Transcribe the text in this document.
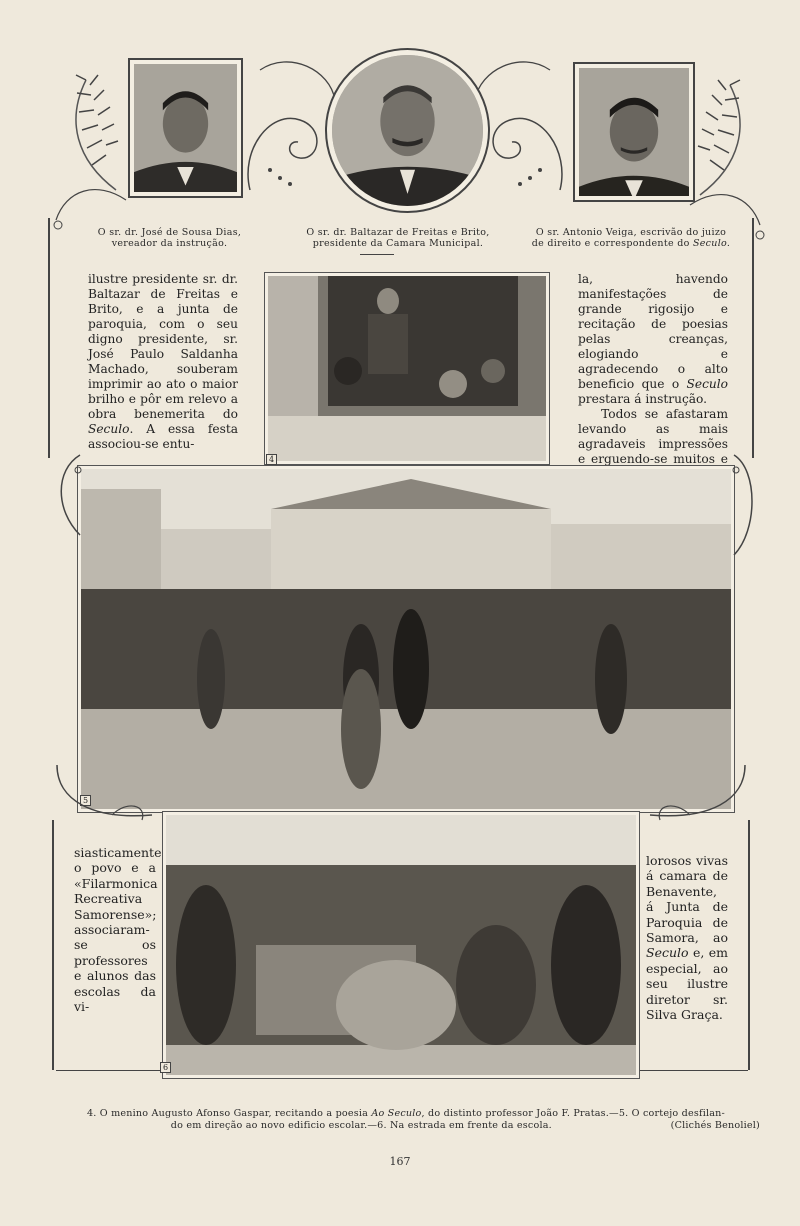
O sr. dr. José de Sousa Dias,
vereador da instrução.
O sr. dr. Baltazar de Freitas e Brito,
presidente da Camara Municipal.
O sr. Antonio Veiga, escrivão do juizo
de direito e correspondente do Seculo.
ilustre presidente sr. dr. Baltazar de Freitas e Brito, e a junta de paroquia, com o seu digno presidente, sr. José Paulo Saldanha Machado, souberam imprimir ao ato o maior brilho e pôr em relevo a obra benemerita do Seculo. A essa festa associou-se entu-
la, havendo manifestações de grande rigosijo e recitação de poesias pelas creanças, elogiando e agradecendo o alto beneficio que o Seculo prestara á instrução.
Todos se afastaram levando as mais agradaveis impressões e erguendo-se muitos e
4
5
6
siasticamente o povo e a «Filarmonica Recreativa Samorense»; associaram-se os professores e alunos das escolas da vi-
lorosos vivas á camara de Benavente, á Junta de Paroquia de Samora, ao Seculo e, em especial, ao seu ilustre diretor sr. Silva Graça.
4. O menino Augusto Afonso Gaspar, recitando a poesia Ao Seculo, do distinto professor João F. Pratas.—5. O cortejo desfilan-
do em direção ao novo edificio escolar.—6. Na estrada em frente da escola.	(Clichés Benoliel)
167
